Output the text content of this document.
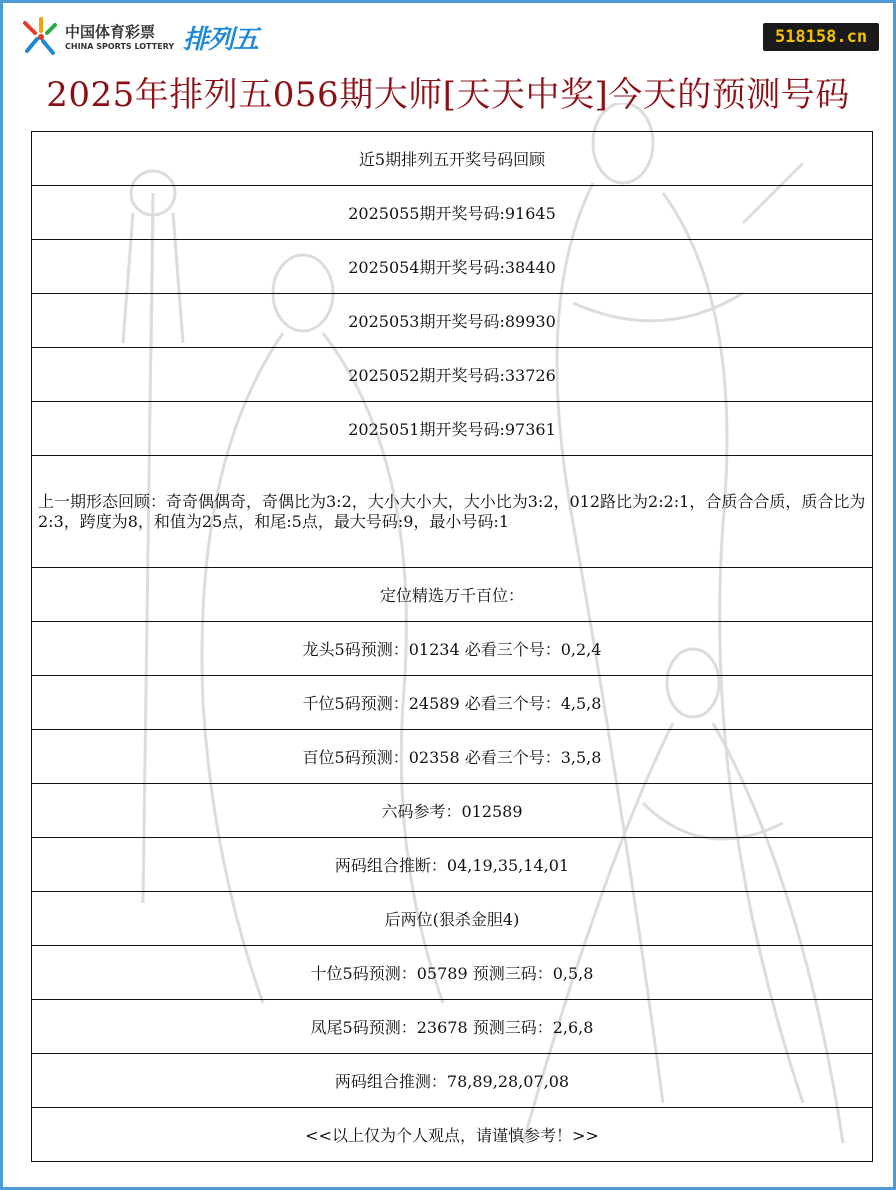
中国体育彩票
CHINA SPORTS LOTTERY 排列五	518158.cn
2025年排列五056期大师[天天中奖]今天的预测号码
近5期排列五开奖号码回顾
2025055期开奖号码:91645
2025054期开奖号码:38440
2025053期开奖号码:89930
2025052期开奖号码:33726
2025051期开奖号码:97361
上一期形态回顾：奇奇偶偶奇，奇偶比为3:2，大小大小大，大小比为3:2，012路比为2:2:1，合质合合质，质合比为2:3，跨度为8，和值为25点，和尾:5点，最大号码:9，最小号码:1
定位精选万千百位：
龙头5码预测：01234 必看三个号：0,2,4
千位5码预测：24589 必看三个号：4,5,8
百位5码预测：02358 必看三个号：3,5,8
六码参考：012589
两码组合推断：04,19,35,14,01
后两位(狠杀金胆4)
十位5码预测：05789 预测三码：0,5,8
凤尾5码预测：23678 预测三码：2,6,8
两码组合推测：78,89,28,07,08
<<以上仅为个人观点，请谨慎参考！>>
